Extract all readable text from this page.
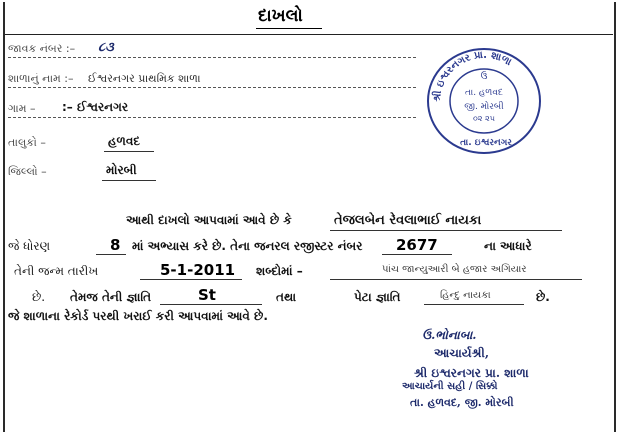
દાખલો
જાવક નંબર :– ૮૩
શાળાનું નામ :– ઈશ્વરનગર પ્રાથમિક શાળા
ગામ – :– ઈશ્વરનગર
તાલુકો –	હળવદ
જિલ્લો –	મોરબી
શ્રી ઇશ્વરનગર પ્રા. શાળા
ઉ
તા. હળવદ
જી. મોરબી
૦૨ ૨૫
તા. ઇશ્વરનગર
આથી દાખલો આપવામાં આવે છે કે	તેજલબેન રેવલાભાઈ નાયકા
જે ધોરણ	8 માં અભ્યાસ કરે છે. તેના જનરલ રજીસ્ટર નંબર 2677	ના આધારે
તેની જન્મ તારીખ	5-1-2011 શબ્દોમાં –	પાંચ જાન્યુઆરી બે હજાર અગિયાર
છે. તેમજ તેની જ્ઞાતિ	St	તથા	પેટા જ્ઞાતિ	હિન્દુ નાયકા	છે.
જે શાળાના રેકોર્ડ પરથી ખરાઈ કરી આપવામાં આવે છે.
ઉ.ભોનાબા.
આચાર્યશ્રી,
શ્રી ઇશ્વરનગર પ્રા. શાળા
આચાર્યની સહી / સિક્કો
તા. હળવદ, જી. મોરબી
